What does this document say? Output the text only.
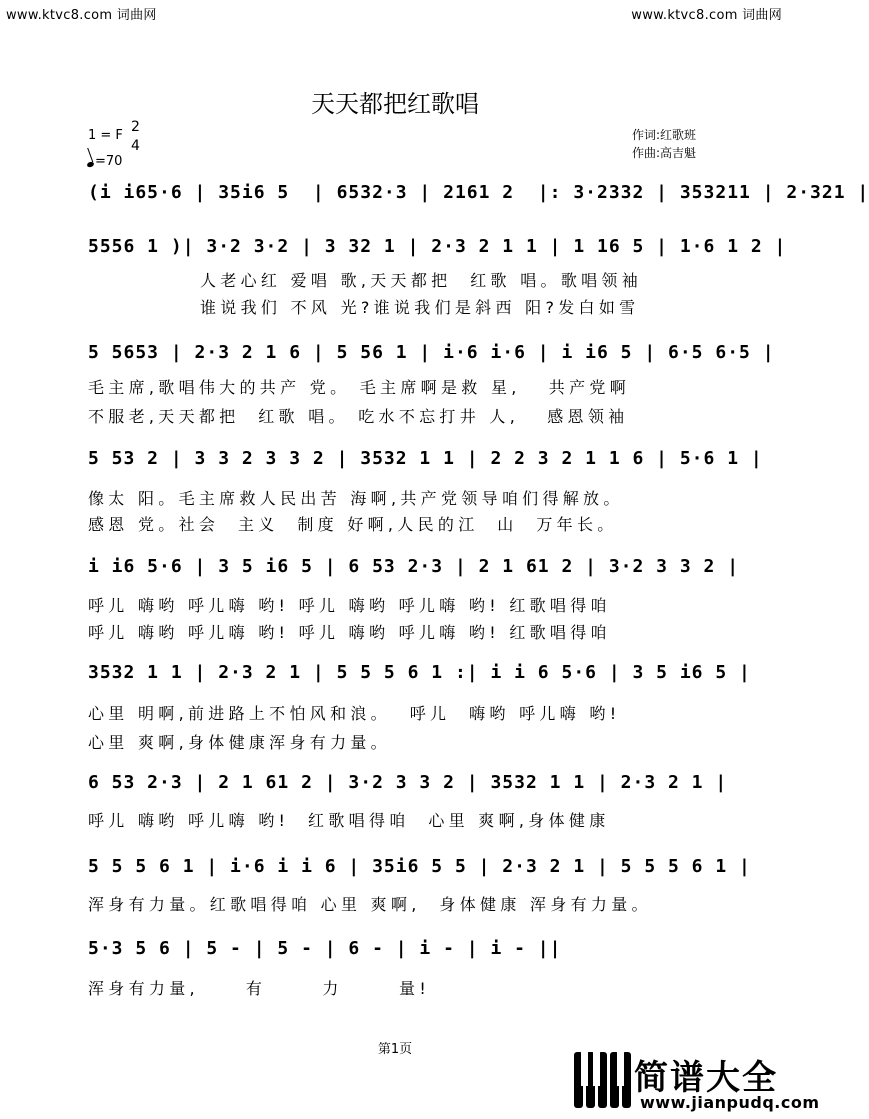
www.ktvc8.com 词曲网	www.ktvc8.com 词曲网
天天都把红歌唱
1 = F
2
4
=70
作词:红歌班
作曲:高吉魁
(i i65·6 | 35i6 5  | 6532·3 | 2161 2  |: 3·2332 | 353211 | 2·321 |
5556 1 )| 3·2 3·2 | 3 32 1 | 2·3 2 1 1 | 1 16 5 | 1·6 1 2 |
人老心红 爱唱 歌,天天都把  红歌 唱。歌唱领袖
谁说我们 不风 光?谁说我们是斜西 阳?发白如雪
5 5653 | 2·3 2 1 6 | 5 56 1 | i·6 i·6 | i i6 5 | 6·5 6·5 |
毛主席,歌唱伟大的共产 党。 毛主席啊是救 星,   共产党啊
不服老,天天都把  红歌 唱。 吃水不忘打井 人,   感恩领袖
5 53 2 | 3 3 2 3 3 2 | 3532 1 1 | 2 2 3 2 1 1 6 | 5·6 1 |
像太 阳。毛主席救人民出苦 海啊,共产党领导咱们得解放。
感恩 党。社会  主义  制度 好啊,人民的江  山  万年长。
i i6 5·6 | 3 5 i6 5 | 6 53 2·3 | 2 1 61 2 | 3·2 3 3 2 |
呼儿 嗨哟 呼儿嗨 哟! 呼儿 嗨哟 呼儿嗨 哟! 红歌唱得咱
呼儿 嗨哟 呼儿嗨 哟! 呼儿 嗨哟 呼儿嗨 哟! 红歌唱得咱
3532 1 1 | 2·3 2 1 | 5 5 5 6 1 :| i i 6 5·6 | 3 5 i6 5 |
心里 明啊,前进路上不怕风和浪。  呼儿  嗨哟 呼儿嗨 哟!
心里 爽啊,身体健康浑身有力量。
6 53 2·3 | 2 1 61 2 | 3·2 3 3 2 | 3532 1 1 | 2·3 2 1 |
呼儿 嗨哟 呼儿嗨 哟!  红歌唱得咱  心里 爽啊,身体健康
5 5 5 6 1 | i·6 i i 6 | 35i6 5 5 | 2·3 2 1 | 5 5 5 6 1 |
浑身有力量。红歌唱得咱 心里 爽啊,  身体健康 浑身有力量。
5·3 5 6 | 5 - | 5 - | 6 - | i - | i - ||
浑身有力量,     有      力      量!
第1页
简谱大全
www.jianpudq.com
